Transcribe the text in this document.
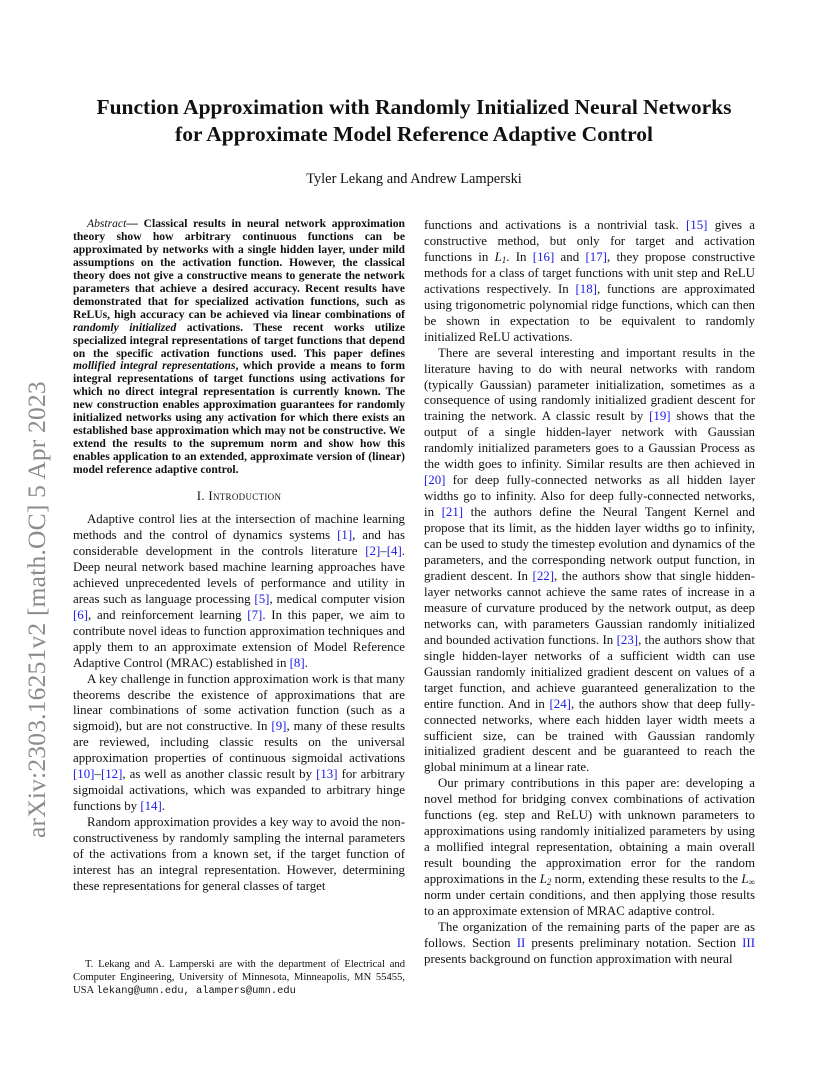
arXiv:2303.16251v2 [math.OC] 5 Apr 2023
Function Approximation with Randomly Initialized Neural Networks
for Approximate Model Reference Adaptive Control
Tyler Lekang and Andrew Lamperski

Abstract— Classical results in neural network approximation theory show how arbitrary continuous functions can be approximated by networks with a single hidden layer, under mild assumptions on the activation function. However, the classical theory does not give a constructive means to generate the network parameters that achieve a desired accuracy. Recent results have demonstrated that for specialized activation functions, such as ReLUs, high accuracy can be achieved via linear combinations of randomly initialized activations. These recent works utilize specialized integral representations of target functions that depend on the specific activation functions used. This paper defines mollified integral representations, which provide a means to form integral representations of target functions using activations for which no direct integral representation is currently known. The new construction enables approximation guarantees for randomly initialized networks using any activation for which there exists an established base approximation which may not be constructive. We extend the results to the supremum norm and show how this enables application to an extended, approximate version of (linear) model reference adaptive control.

I. Introduction

Adaptive control lies at the intersection of machine learning methods and the control of dynamics systems [1], and has considerable development in the controls literature [2]–[4]. Deep neural network based machine learning approaches have achieved unprecedented levels of performance and utility in areas such as language processing [5], medical computer vision [6], and reinforcement learning [7]. In this paper, we aim to contribute novel ideas to function approximation techniques and apply them to an approximate extension of Model Reference Adaptive Control (MRAC) established in [8].

A key challenge in function approximation work is that many theorems describe the existence of approximations that are linear combinations of some activation function (such as a sigmoid), but are not constructive. In [9], many of these results are reviewed, including classic results on the universal approximation properties of continuous sigmoidal activations [10]–[12], as well as another classic result by [13] for arbitrary sigmoidal activations, which was expanded to arbitrary hinge functions by [14].

Random approximation provides a key way to avoid the non-constructiveness by randomly sampling the internal parameters of the activations from a known set, if the target function of interest has an integral representation. However, determining these representations for general classes of target

T. Lekang and A. Lamperski are with the department of Electrical and Computer Engineering, University of Minnesota, Minneapolis, MN 55455, USA lekang@umn.edu, alampers@umn.edu

functions and activations is a nontrivial task. [15] gives a constructive method, but only for target and activation functions in $L_1$. In [16] and [17], they propose constructive methods for a class of target functions with unit step and ReLU activations respectively. In [18], functions are approximated using trigonometric polynomial ridge functions, which can then be shown in expectation to be equivalent to randomly initialized ReLU activations.

There are several interesting and important results in the literature having to do with neural networks with random (typically Gaussian) parameter initialization, sometimes as a consequence of using randomly initialized gradient descent for training the network. A classic result by [19] shows that the output of a single hidden-layer network with Gaussian randomly initialized parameters goes to a Gaussian Process as the width goes to infinity. Similar results are then achieved in [20] for deep fully-connected networks as all hidden layer widths go to infinity. Also for deep fully-connected networks, in [21] the authors define the Neural Tangent Kernel and propose that its limit, as the hidden layer widths go to infinity, can be used to study the timestep evolution and dynamics of the parameters, and the corresponding network output function, in gradient descent. In [22], the authors show that single hidden-layer networks cannot achieve the same rates of increase in a measure of curvature produced by the network output, as deep networks can, with parameters Gaussian randomly initialized and bounded activation functions. In [23], the authors show that single hidden-layer networks of a sufficient width can use Gaussian randomly initialized gradient descent on values of a target function, and achieve guaranteed generalization to the entire function. And in [24], the authors show that deep fully-connected networks, where each hidden layer width meets a sufficient size, can be trained with Gaussian randomly initialized gradient descent and be guaranteed to reach the global minimum at a linear rate.

Our primary contributions in this paper are: developing a novel method for bridging convex combinations of activation functions (eg. step and ReLU) with unknown parameters to approximations using randomly initialized parameters by using a mollified integral representation, obtaining a main overall result bounding the approximation error for the random approximations in the $L_2$ norm, extending these results to the $L_\infty$ norm under certain conditions, and then applying those results to an approximate extension of MRAC adaptive control.

The organization of the remaining parts of the paper are as follows. Section II presents preliminary notation. Section III presents background on function approximation with neural
